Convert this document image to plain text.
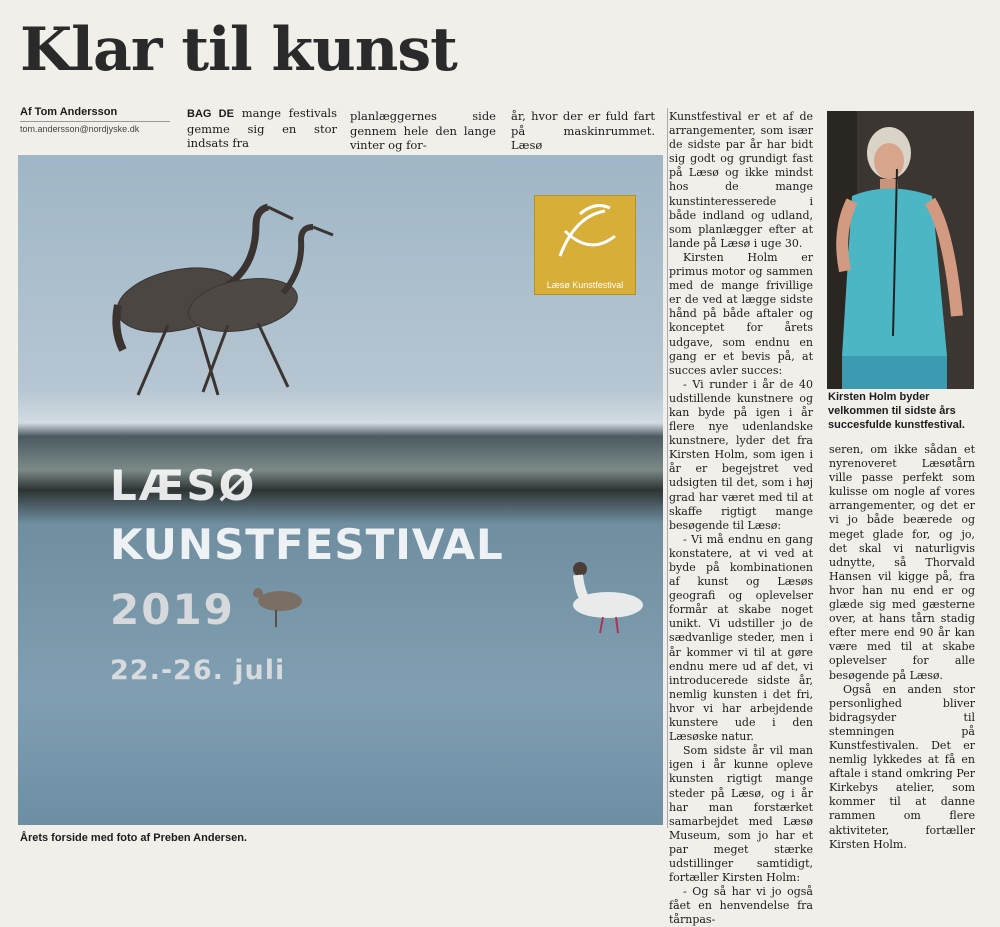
Klar til kunst
Af Tom Andersson
tom.andersson@nordjyske.dk

BAG DE mange festivals gemme sig en stor indsats fra

planlæggernes side gennem hele den lange vinter og for-

år, hvor der er fuld fart på maskinrummet. Læsø

Læsø Kunstfestival
LÆSØ
KUNSTFESTIVAL
2019
22.-26. juli
Årets forside med foto af Preben Andersen.

Kunstfestival er et af de arrangementer, som især de sidste par år har bidt sig godt og grundigt fast på Læsø og ikke mindst hos de mange kunstinteresserede i både indland og udland, som planlægger efter at lande på Læsø i uge 30.

Kirsten Holm er primus motor og sammen med de mange frivillige er de ved at lægge sidste hånd på både aftaler og konceptet for årets udgave, som endnu en gang er et bevis på, at succes avler succes:

- Vi runder i år de 40 udstillende kunstnere og kan byde på igen i år flere nye udenlandske kunstnere, lyder det fra Kirsten Holm, som igen i år er begejstret ved udsigten til det, som i høj grad har været med til at skaffe rigtigt mange besøgende til Læsø:

- Vi må endnu en gang konstatere, at vi ved at byde på kombinationen af kunst og Læsøs geografi og oplevelser formår at skabe noget unikt. Vi udstiller jo de sædvanlige steder, men i år kommer vi til at gøre endnu mere ud af det, vi introducerede sidste år, nemlig kunsten i det fri, hvor vi har arbejdende kunstere ude i den Læsøske natur.

Som sidste år vil man igen i år kunne opleve kunsten rigtigt mange steder på Læsø, og i år har man forstærket samarbejdet med Læsø Museum, som jo har et par meget stærke udstillinger samtidigt, fortæller Kirsten Holm:

- Og så har vi jo også fået en henvendelse fra tårnpas-

Kirsten Holm byder velkommen til sidste års succesfulde kunstfestival.

seren, om ikke sådan et nyrenoveret Læsøtårn ville passe perfekt som kulisse om nogle af vores arrangementer, og det er vi jo både beærede og meget glade for, og jo, det skal vi naturligvis udnytte, så Thorvald Hansen vil kigge på, fra hvor han nu end er og glæde sig med gæsterne over, at hans tårn stadig efter mere end 90 år kan være med til at skabe oplevelser for alle besøgende på Læsø.

Også en anden stor personlighed bliver bidragsyder til stemningen på Kunstfestivalen. Det er nemlig lykkedes at få en aftale i stand omkring Per Kirkebys atelier, som kommer til at danne rammen om flere aktiviteter, fortæller Kirsten Holm.
